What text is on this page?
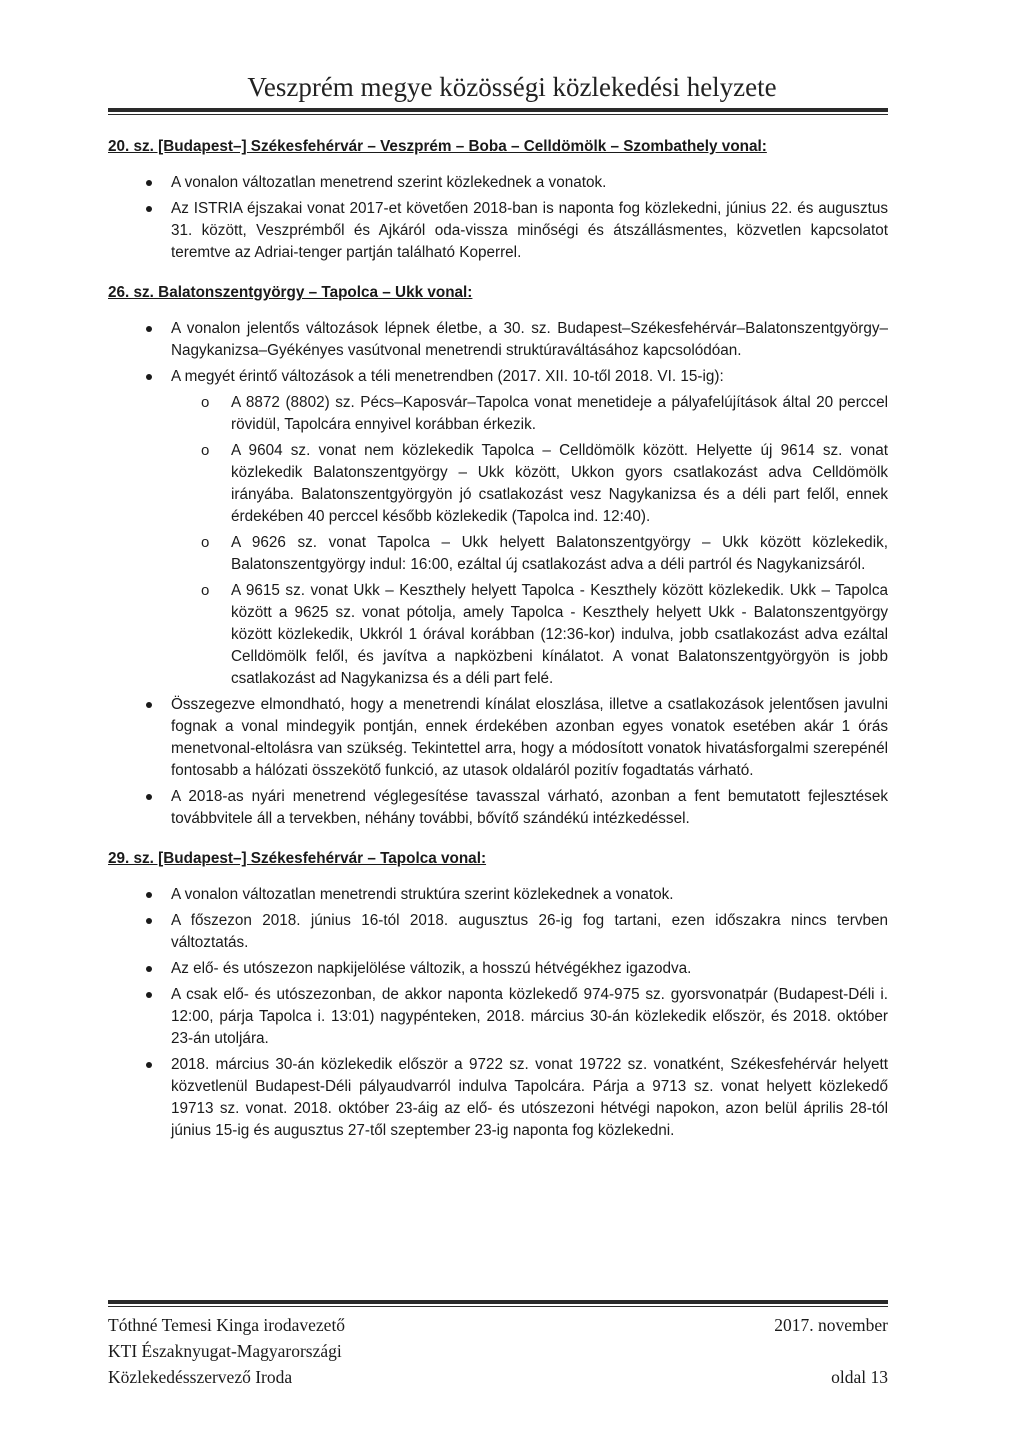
Veszprém megye közösségi közlekedési helyzete
20. sz. [Budapest–] Székesfehérvár – Veszprém – Boba – Celldömölk – Szombathely vonal:
A vonalon változatlan menetrend szerint közlekednek a vonatok.
Az ISTRIA éjszakai vonat 2017-et követően 2018-ban is naponta fog közlekedni, június 22. és augusztus 31. között, Veszprémből és Ajkáról oda-vissza minőségi és átszállásmentes, közvetlen kapcsolatot teremtve az Adriai-tenger partján található Koperrel.
26. sz. Balatonszentgyörgy – Tapolca – Ukk vonal:
A vonalon jelentős változások lépnek életbe, a 30. sz. Budapest–Székesfehérvár–Balatonszentgyörgy–Nagykanizsa–Gyékényes vasútvonal menetrendi struktúraváltásához kapcsolódóan.
A megyét érintő változások a téli menetrendben (2017. XII. 10-től 2018. VI. 15-ig):
o A 8872 (8802) sz. Pécs–Kaposvár–Tapolca vonat menetideje a pályafelújítások által 20 perccel rövidül, Tapolcára ennyivel korábban érkezik.
o A 9604 sz. vonat nem közlekedik Tapolca – Celldömölk között. Helyette új 9614 sz. vonat közlekedik Balatonszentgyörgy – Ukk között, Ukkon gyors csatlakozást adva Celldömölk irányába. Balatonszentgyörgyön jó csatlakozást vesz Nagykanizsa és a déli part felől, ennek érdekében 40 perccel később közlekedik (Tapolca ind. 12:40).
o A 9626 sz. vonat Tapolca – Ukk helyett Balatonszentgyörgy – Ukk között közlekedik, Balatonszentgyörgy indul: 16:00, ezáltal új csatlakozást adva a déli partról és Nagykanizsáról.
o A 9615 sz. vonat Ukk – Keszthely helyett Tapolca - Keszthely között közlekedik. Ukk – Tapolca között a 9625 sz. vonat pótolja, amely Tapolca - Keszthely helyett Ukk - Balatonszentgyörgy között közlekedik, Ukkról 1 órával korábban (12:36-kor) indulva, jobb csatlakozást adva ezáltal Celldömölk felől, és javítva a napközbeni kínálatot. A vonat Balatonszentgyörgyön is jobb csatlakozást ad Nagykanizsa és a déli part felé.
Összegezve elmondható, hogy a menetrendi kínálat eloszlása, illetve a csatlakozások jelentősen javulni fognak a vonal mindegyik pontján, ennek érdekében azonban egyes vonatok esetében akár 1 órás menetvonal-eltolásra van szükség. Tekintettel arra, hogy a módosított vonatok hivatásforgalmi szerepénél fontosabb a hálózati összekötő funkció, az utasok oldaláról pozitív fogadtatás várható.
A 2018-as nyári menetrend véglegesítése tavasszal várható, azonban a fent bemutatott fejlesztések továbbvitele áll a tervekben, néhány további, bővítő szándékú intézkedéssel.
29. sz. [Budapest–] Székesfehérvár – Tapolca vonal:
A vonalon változatlan menetrendi struktúra szerint közlekednek a vonatok.
A főszezon 2018. június 16-tól 2018. augusztus 26-ig fog tartani, ezen időszakra nincs tervben változtatás.
Az elő- és utószezon napkijelölése változik, a hosszú hétvégékhez igazodva.
A csak elő- és utószezonban, de akkor naponta közlekedő 974-975 sz. gyorsvonatpár (Budapest-Déli i. 12:00, párja Tapolca i. 13:01) nagypénteken, 2018. március 30-án közlekedik először, és 2018. október 23-án utoljára.
2018. március 30-án közlekedik először a 9722 sz. vonat 19722 sz. vonatként, Székesfehérvár helyett közvetlenül Budapest-Déli pályaudvarról indulva Tapolcára. Párja a 9713 sz. vonat helyett közlekedő 19713 sz. vonat. 2018. október 23-áig az elő- és utószezoni hétvégi napokon, azon belül április 28-tól június 15-ig és augusztus 27-től szeptember 23-ig naponta fog közlekedni.
Tóthné Temesi Kinga irodavezető
KTI Északnyugat-Magyarországi
Közlekedésszervező Iroda
2017. november
oldal 13
